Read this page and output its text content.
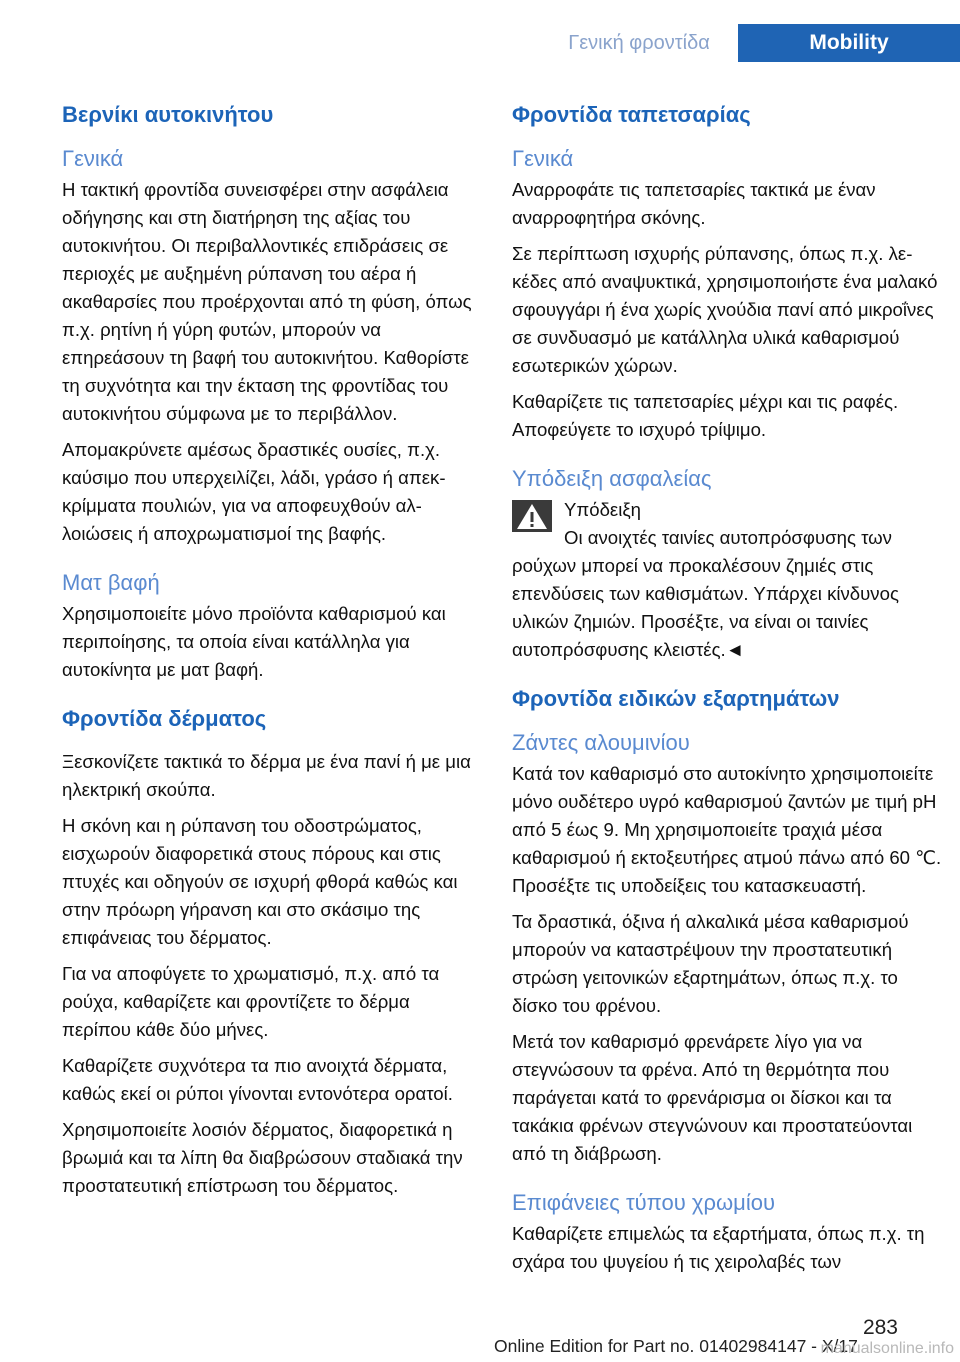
Γενική φροντίδα	Mobility
Βερνίκι αυτοκινήτου
Γενικά

Η τακτική φροντίδα συνεισφέρει στην ασφάλεια οδήγησης και στη διατήρηση της αξίας του αυτοκινήτου. Οι περιβαλλοντικές επιδράσεις σε περιοχές με αυξημένη ρύπανση του αέρα ή ακαθαρσίες που προέρχονται από τη φύση, όπως π.χ. ρητίνη ή γύρη φυτών, μπορούν να επηρεάσουν τη βαφή του αυτοκινήτου. Καθορίστε τη συχνότητα και την έκταση της φροντίδας του αυτοκινήτου σύμφωνα με το περιβάλλον.

Απομακρύνετε αμέσως δραστικές ουσίες, π.χ. καύσιμο που υπερχειλίζει, λάδι, γράσο ή απεκκρίμματα πουλιών, για να αποφευχθούν αλλοιώσεις ή αποχρωματισμοί της βαφής.

Ματ βαφή

Χρησιμοποιείτε μόνο προϊόντα καθαρισμού και περιποίησης, τα οποία είναι κατάλληλα για αυτοκίνητα με ματ βαφή.

Φροντίδα δέρματος

Ξεσκονίζετε τακτικά το δέρμα με ένα πανί ή με μια ηλεκτρική σκούπα.

Η σκόνη και η ρύπανση του οδοστρώματος, εισχωρούν διαφορετικά στους πόρους και στις πτυχές και οδηγούν σε ισχυρή φθορά καθώς και στην πρόωρη γήρανση και στο σκάσιμο της επιφάνειας του δέρματος.

Για να αποφύγετε το χρωματισμό, π.χ. από τα ρούχα, καθαρίζετε και φροντίζετε το δέρμα περίπου κάθε δύο μήνες.

Καθαρίζετε συχνότερα τα πιο ανοιχτά δέρματα, καθώς εκεί οι ρύποι γίνονται εντονότερα ορατοί.

Χρησιμοποιείτε λοσιόν δέρματος, διαφορετικά η βρωμιά και τα λίπη θα διαβρώσουν σταδιακά την προστατευτική επίστρωση του δέρματος.

Φροντίδα ταπετσαρίας
Γενικά

Αναρροφάτε τις ταπετσαρίες τακτικά με έναν αναρροφητήρα σκόνης.

Σε περίπτωση ισχυρής ρύπανσης, όπως π.χ. λεκέδες από αναψυκτικά, χρησιμοποιήστε ένα μαλακό σφουγγάρι ή ένα χωρίς χνούδια πανί από μικροΐνες σε συνδυασμό με κατάλληλα υλικά καθαρισμού εσωτερικών χώρων.

Καθαρίζετε τις ταπετσαρίες μέχρι και τις ραφές. Αποφεύγετε το ισχυρό τρίψιμο.

Υπόδειξη ασφαλείας

Υπόδειξη

Οι ανοιχτές ταινίες αυτοπρόσφυσης των ρούχων μπορεί να προκαλέσουν ζημιές στις επενδύσεις των καθισμάτων. Υπάρχει κίνδυνος υλικών ζημιών. Προσέξτε, να είναι οι ταινίες αυτοπρόσφυσης κλειστές.◄

Φροντίδα ειδικών εξαρτημάτων
Ζάντες αλουμινίου

Κατά τον καθαρισμό στο αυτοκίνητο χρησιμοποιείτε μόνο ουδέτερο υγρό καθαρισμού ζαντών με τιμή pH από 5 έως 9. Μη χρησιμοποιείτε τραχιά μέσα καθαρισμού ή εκτοξευτήρες ατμού πάνω από 60 ℃. Προσέξτε τις υποδείξεις του κατασκευαστή.

Τα δραστικά, όξινα ή αλκαλικά μέσα καθαρισμού μπορούν να καταστρέψουν την προστατευτική στρώση γειτονικών εξαρτημάτων, όπως π.χ. το δίσκο του φρένου.

Μετά τον καθαρισμό φρενάρετε λίγο για να στεγνώσουν τα φρένα. Από τη θερμότητα που παράγεται κατά το φρενάρισμα οι δίσκοι και τα τακάκια φρένων στεγνώνουν και προστατεύονται από τη διάβρωση.

Επιφάνειες τύπου χρωμίου

Καθαρίζετε επιμελώς τα εξαρτήματα, όπως π.χ. τη σχάρα του ψυγείου ή τις χειρολαβές των

283
Online Edition for Part no. 01402984147 - X/17
manualsonline.info
